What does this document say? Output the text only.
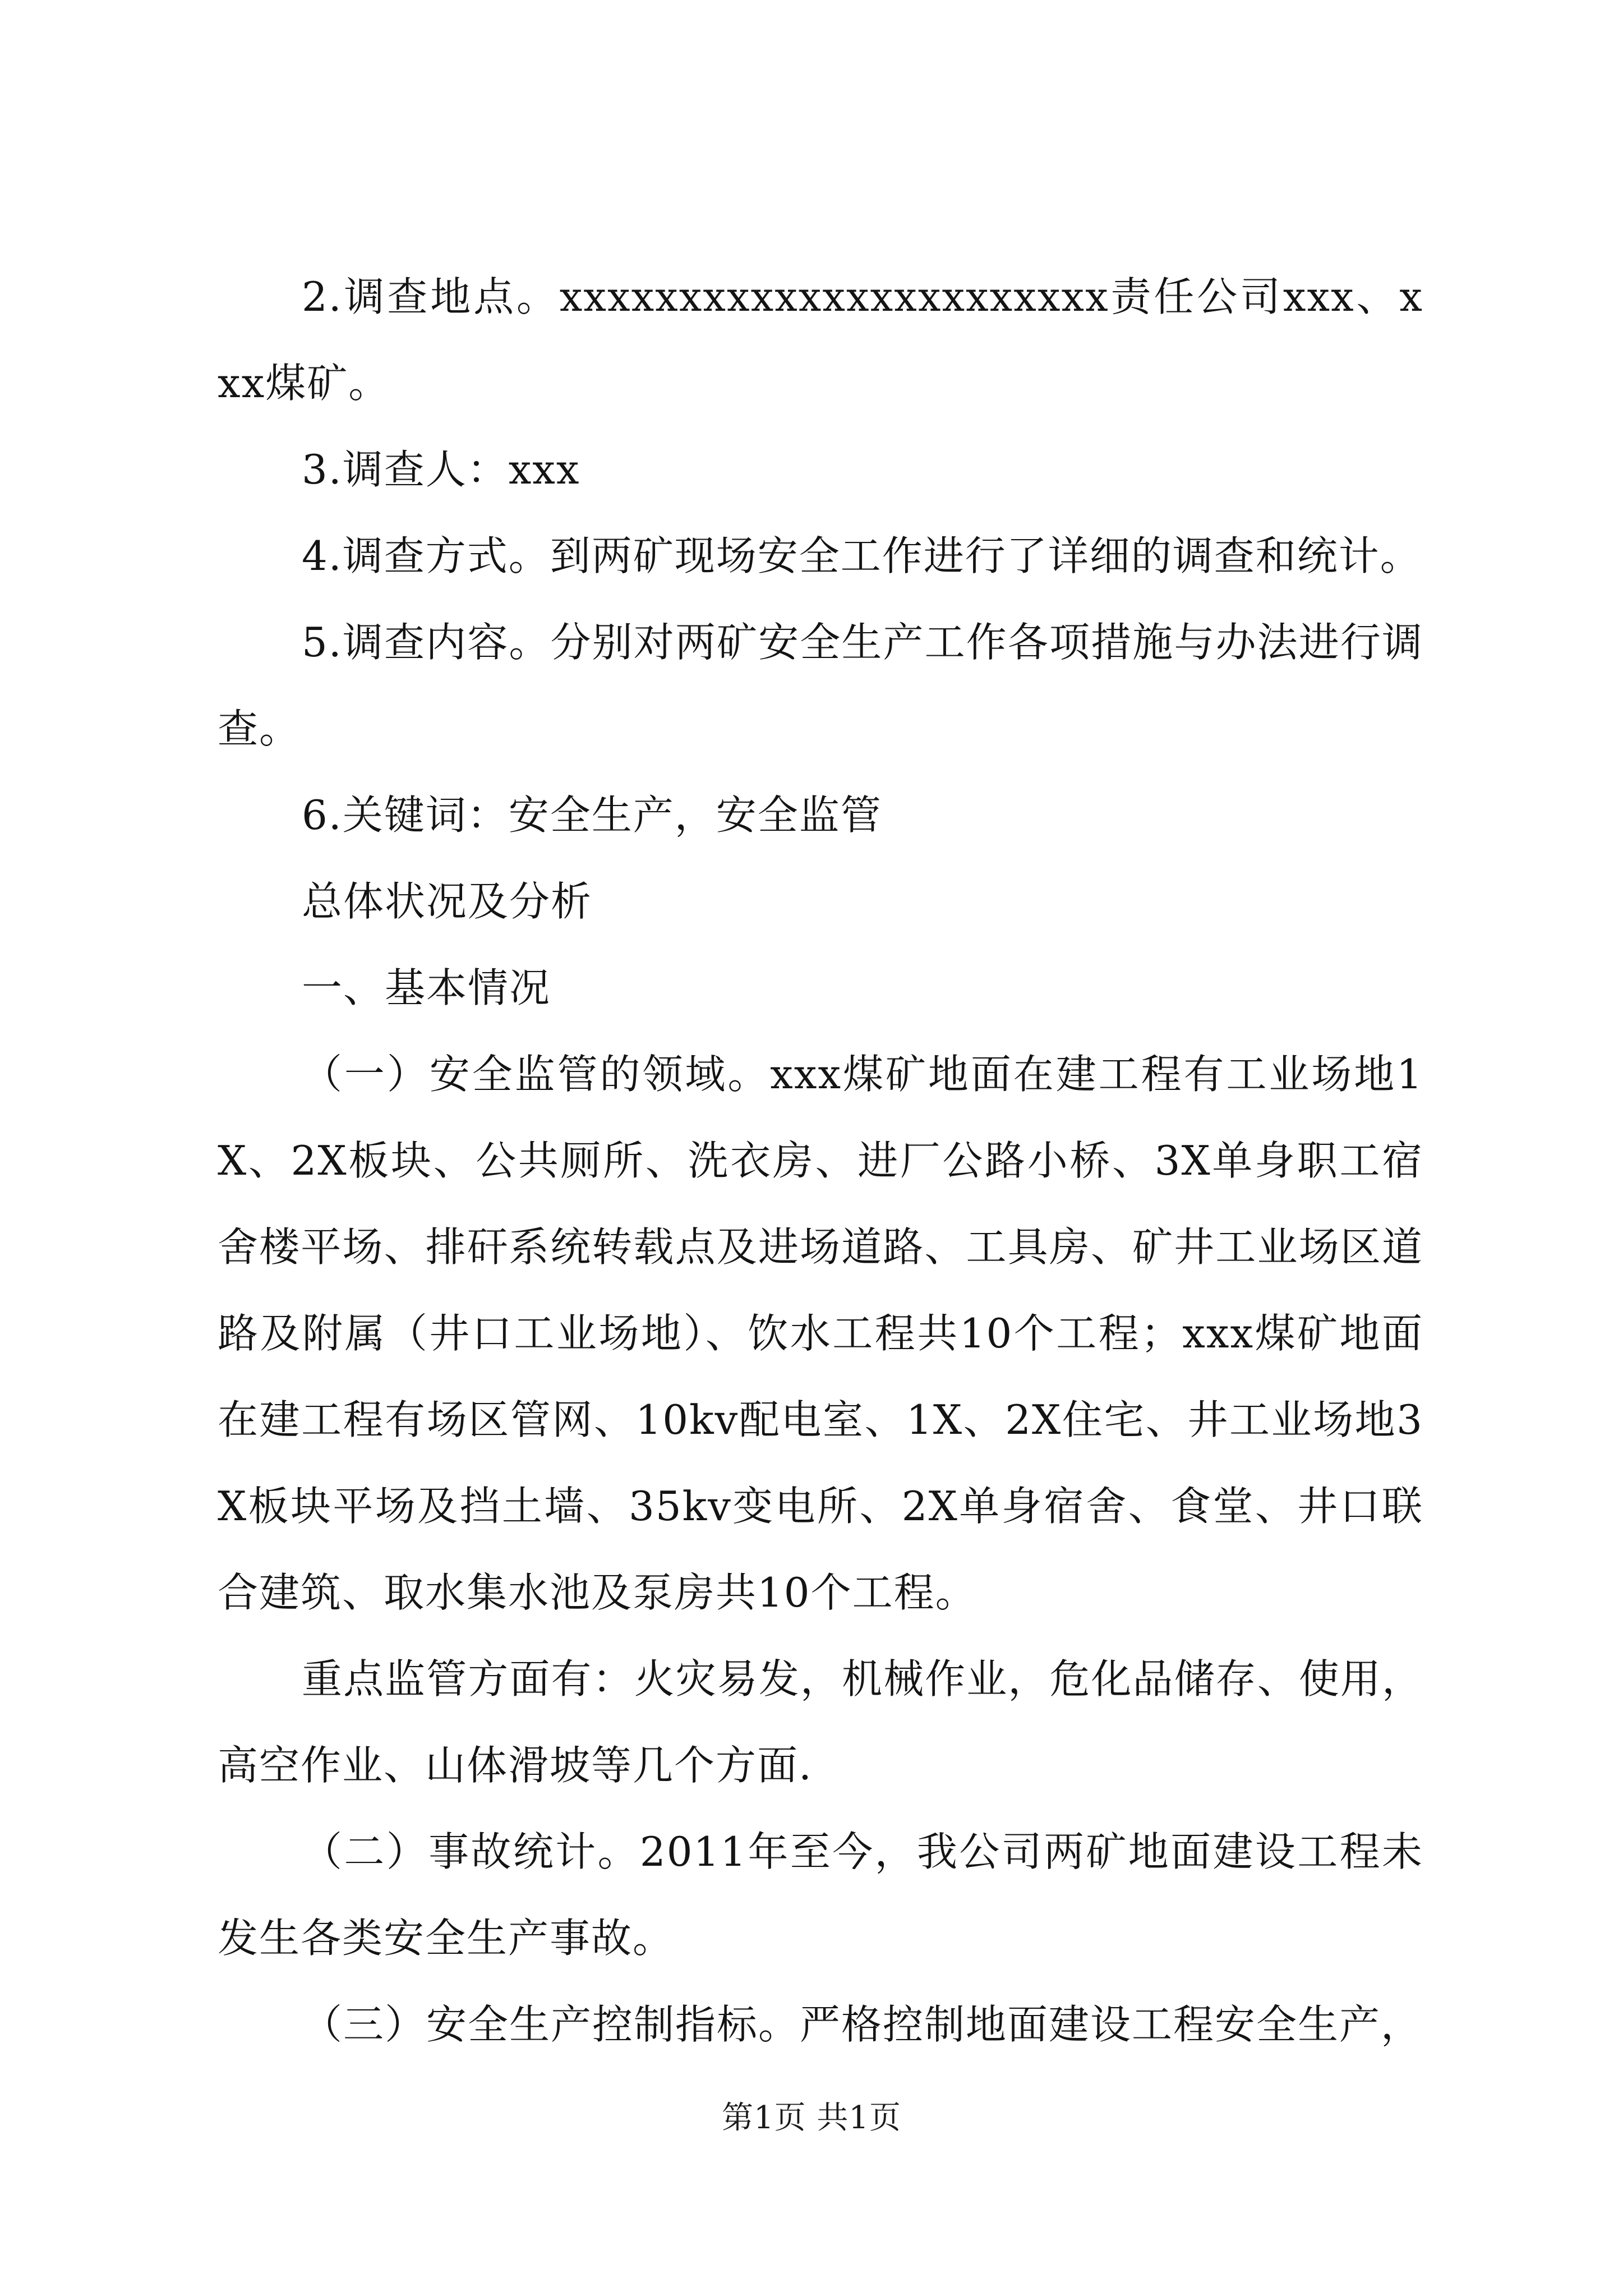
2.调查地点。xxxxxxxxxxxxxxxxxxxxxxx责任公司xxx、xxx煤矿。

3.调查人：xxx

4.调查方式。到两矿现场安全工作进行了详细的调查和统计。

5.调查内容。分别对两矿安全生产工作各项措施与办法进行调查。

6.关键词：安全生产，安全监管

总体状况及分析

一、基本情况

（一）安全监管的领域。xxx煤矿地面在建工程有工业场地1X、2X板块、公共厕所、洗衣房、进厂公路小桥、3X单身职工宿舍楼平场、排矸系统转载点及进场道路、工具房、矿井工业场区道路及附属（井口工业场地）、饮水工程共10个工程；xxx煤矿地面在建工程有场区管网、10kv配电室、1X、2X住宅、井工业场地3X板块平场及挡土墙、35kv变电所、2X单身宿舍、食堂、井口联合建筑、取水集水池及泵房共10个工程。

重点监管方面有：火灾易发，机械作业，危化品储存、使用，高空作业、山体滑坡等几个方面.

（二）事故统计。2011年至今，我公司两矿地面建设工程未发生各类安全生产事故。

（三）安全生产控制指标。严格控制地面建设工程安全生产，

第1页 共1页
